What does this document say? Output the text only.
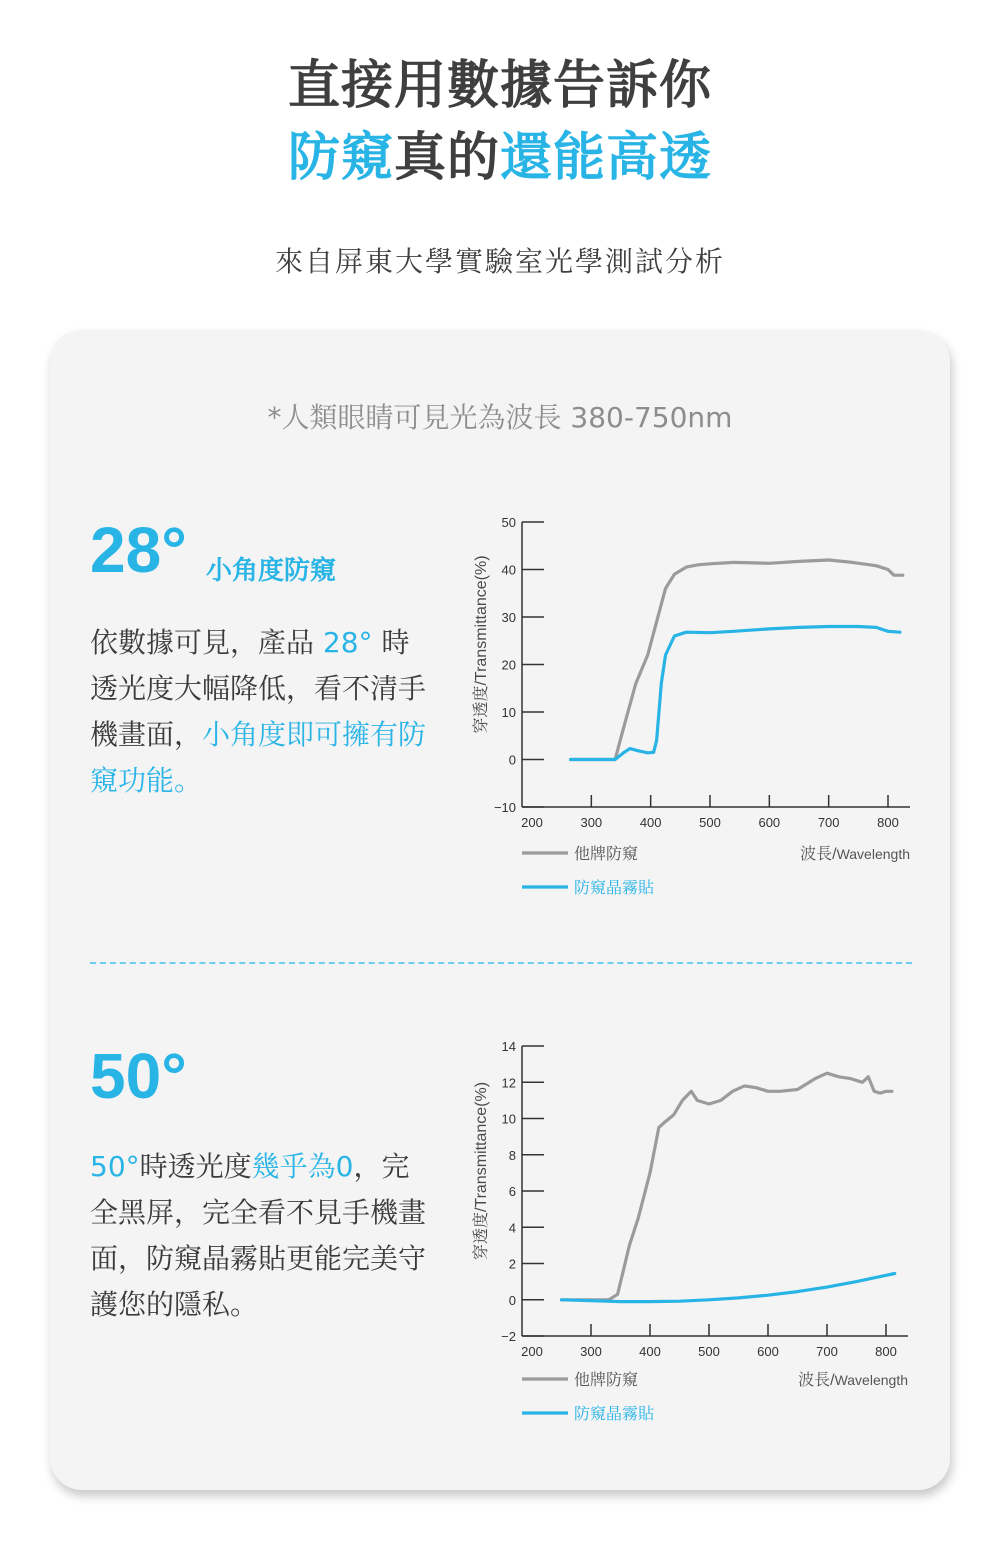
直接用數據告訴你
防窺真的還能高透
來自屏東大學實驗室光學測試分析
*人類眼睛可見光為波長 380-750nm
28° 小角度防窺
依數據可見，產品 28° 時透光度大幅降低，看不清手機畫面，小角度即可擁有防窺功能。
穿透度/Transmittance(%)
50
40
30
20
10
0
−10
200	300	400	500	600	700	800
他牌防窺
防窺晶霧貼
波長/Wavelength
50°
50°時透光度幾乎為0，完全黑屏，完全看不見手機畫面，防窺晶霧貼更能完美守護您的隱私。
穿透度/Transmittance(%)
14
12
10
8
6
4
2
0
−2
200	300	400	500	600	700	800
他牌防窺
防窺晶霧貼
波長/Wavelength
